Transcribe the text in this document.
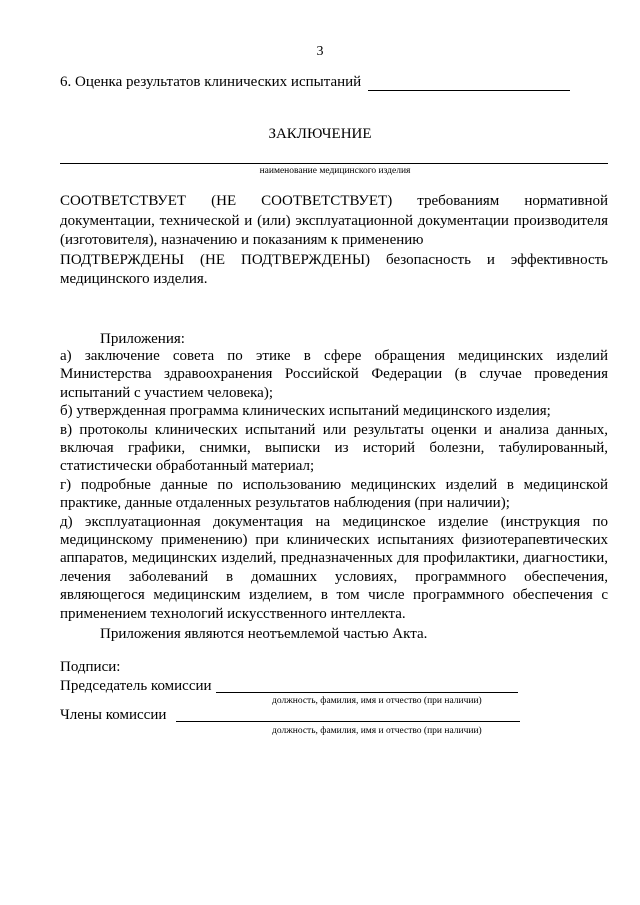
3
6. Оценка результатов клинических испытаний
ЗАКЛЮЧЕНИЕ
наименование медицинского изделия
СООТВЕТСТВУЕТ (НЕ СООТВЕТСТВУЕТ) требованиям нормативной
документации, технической и (или) эксплуатационной документации производителя
(изготовителя), назначению и показаниям к применению
ПОДТВЕРЖДЕНЫ (НЕ ПОДТВЕРЖДЕНЫ) безопасность и эффективность
медицинского изделия.
Приложения:

а) заключение совета по этике в сфере обращения медицинских изделий Министерства здравоохранения Российской Федерации (в случае проведения испытаний с участием человека);

б) утвержденная программа клинических испытаний медицинского изделия;

в) протоколы клинических испытаний или результаты оценки и анализа данных, включая графики, снимки, выписки из историй болезни, табулированный, статистически обработанный материал;

г) подробные данные по использованию медицинских изделий в медицинской практике, данные отдаленных результатов наблюдения (при наличии);

д) эксплуатационная документация на медицинское изделие (инструкция по медицинскому применению) при клинических испытаниях физиотерапевтических аппаратов, медицинских изделий, предназначенных для профилактики, диагностики, лечения заболеваний в домашних условиях, программного обеспечения, являющегося медицинским изделием, в том числе программного обеспечения с применением технологий искусственного интеллекта.

Приложения являются неотъемлемой частью Акта.
Подписи:
Председатель комиссии
должность, фамилия, имя и отчество (при наличии)
Члены комиссии
должность, фамилия, имя и отчество (при наличии)
